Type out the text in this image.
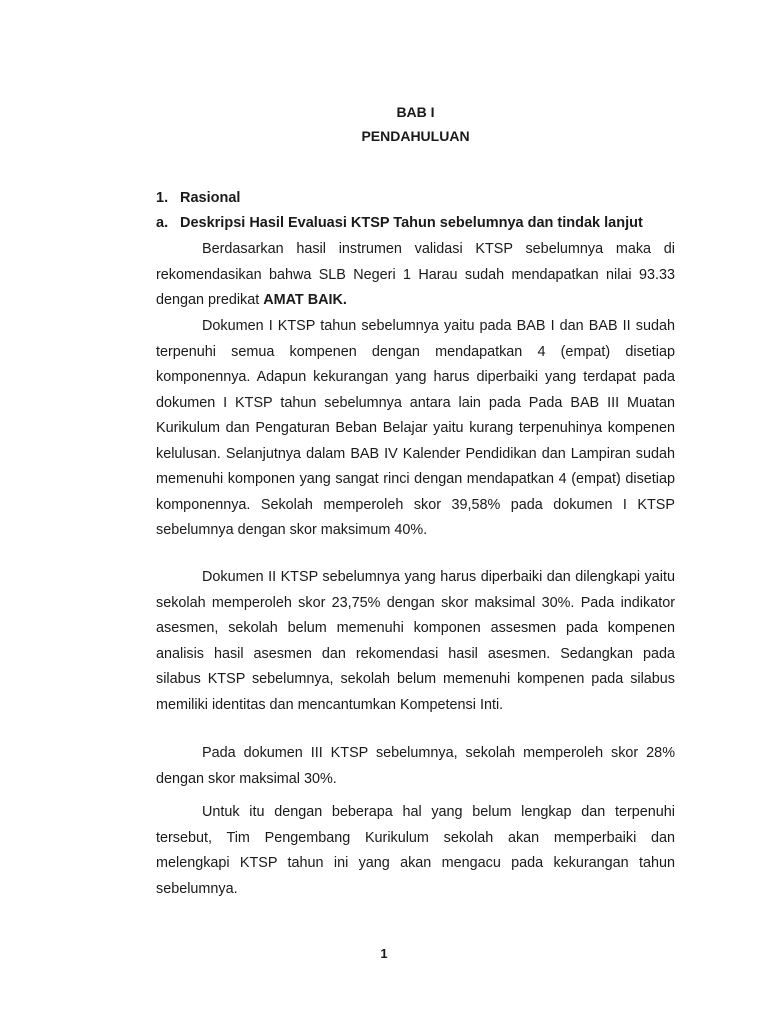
BAB I
PENDAHULUAN
1. Rasional
a. Deskripsi Hasil Evaluasi KTSP Tahun sebelumnya dan tindak lanjut

Berdasarkan hasil instrumen validasi KTSP sebelumnya maka di rekomendasikan bahwa SLB Negeri 1 Harau sudah mendapatkan nilai 93.33 dengan predikat AMAT BAIK.

Dokumen I KTSP tahun sebelumnya yaitu pada BAB I dan BAB II sudah terpenuhi semua kompenen dengan mendapatkan 4 (empat) disetiap komponennya. Adapun kekurangan yang harus diperbaiki yang terdapat pada dokumen I KTSP tahun sebelumnya antara lain pada Pada BAB III Muatan Kurikulum dan Pengaturan Beban Belajar yaitu kurang terpenuhinya kompenen kelulusan. Selanjutnya dalam BAB IV Kalender Pendidikan dan Lampiran sudah memenuhi komponen yang sangat rinci dengan mendapatkan 4 (empat) disetiap komponennya. Sekolah memperoleh skor 39,58% pada dokumen I KTSP sebelumnya dengan skor maksimum 40%.

Dokumen II KTSP sebelumnya yang harus diperbaiki dan dilengkapi yaitu sekolah memperoleh skor 23,75% dengan skor maksimal 30%. Pada indikator asesmen, sekolah belum memenuhi komponen assesmen pada kompenen analisis hasil asesmen dan rekomendasi hasil asesmen. Sedangkan pada silabus KTSP sebelumnya, sekolah belum memenuhi kompenen pada silabus memiliki identitas dan mencantumkan Kompetensi Inti.

Pada dokumen III KTSP sebelumnya, sekolah memperoleh skor 28% dengan skor maksimal 30%.

Untuk itu dengan beberapa hal yang belum lengkap dan terpenuhi tersebut, Tim Pengembang Kurikulum sekolah akan memperbaiki dan melengkapi KTSP tahun ini yang akan mengacu pada kekurangan tahun sebelumnya.

1
